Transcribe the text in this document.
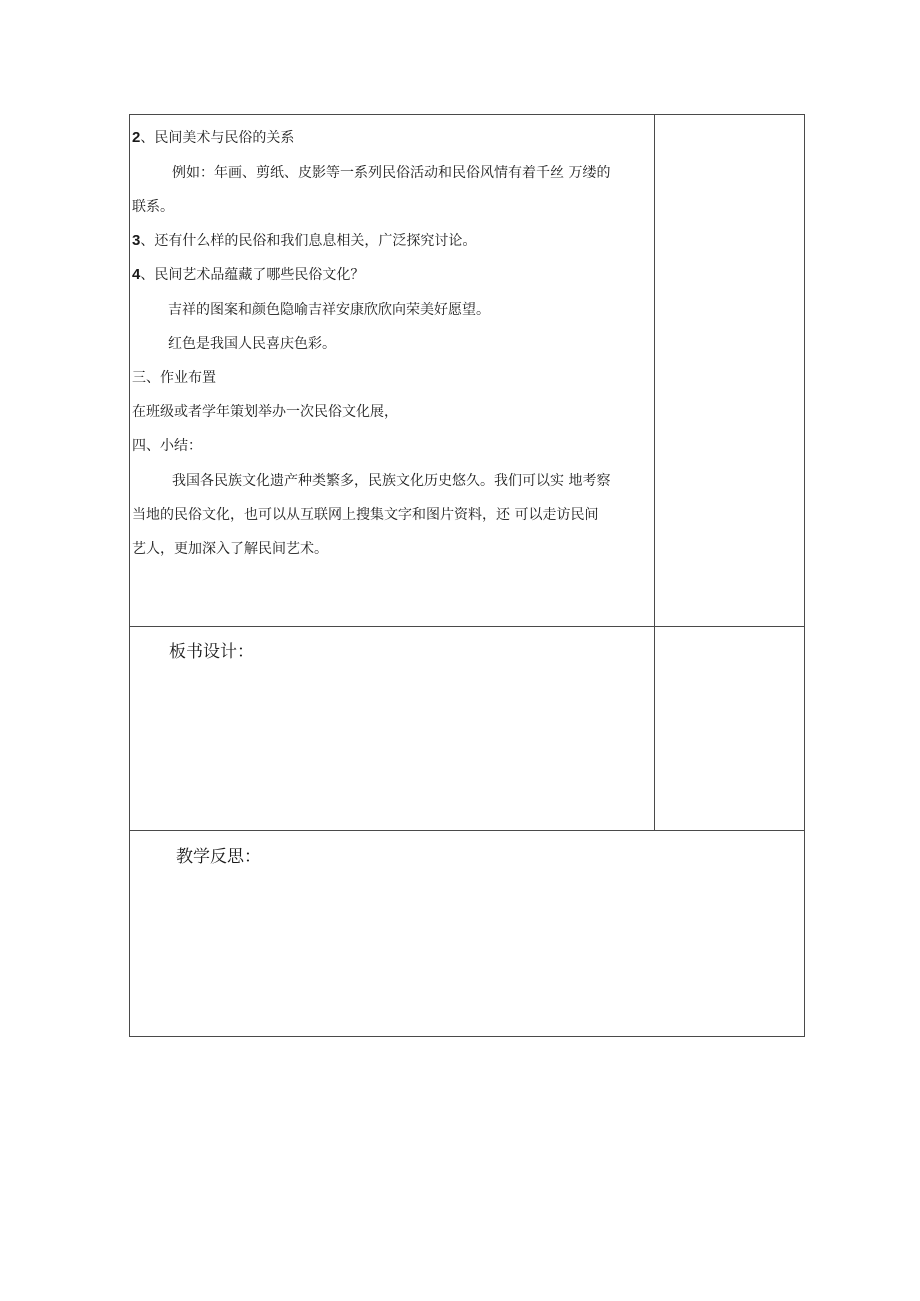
2、民间美术与民俗的关系
例如：年画、剪纸、皮影等一系列民俗活动和民俗风情有着千丝 万缕的
联系。
3、还有什么样的民俗和我们息息相关，广泛探究讨论。
4、民间艺术品蕴藏了哪些民俗文化？
吉祥的图案和颜色隐喻吉祥安康欣欣向荣美好愿望。
红色是我国人民喜庆色彩。
三、作业布置
在班级或者学年策划举办一次民俗文化展，
四、小结：
我国各民族文化遗产种类繁多，民族文化历史悠久。我们可以实 地考察
当地的民俗文化，也可以从互联网上搜集文字和图片资料，还 可以走访民间
艺人，更加深入了解民间艺术。
板书设计：
教学反思：
